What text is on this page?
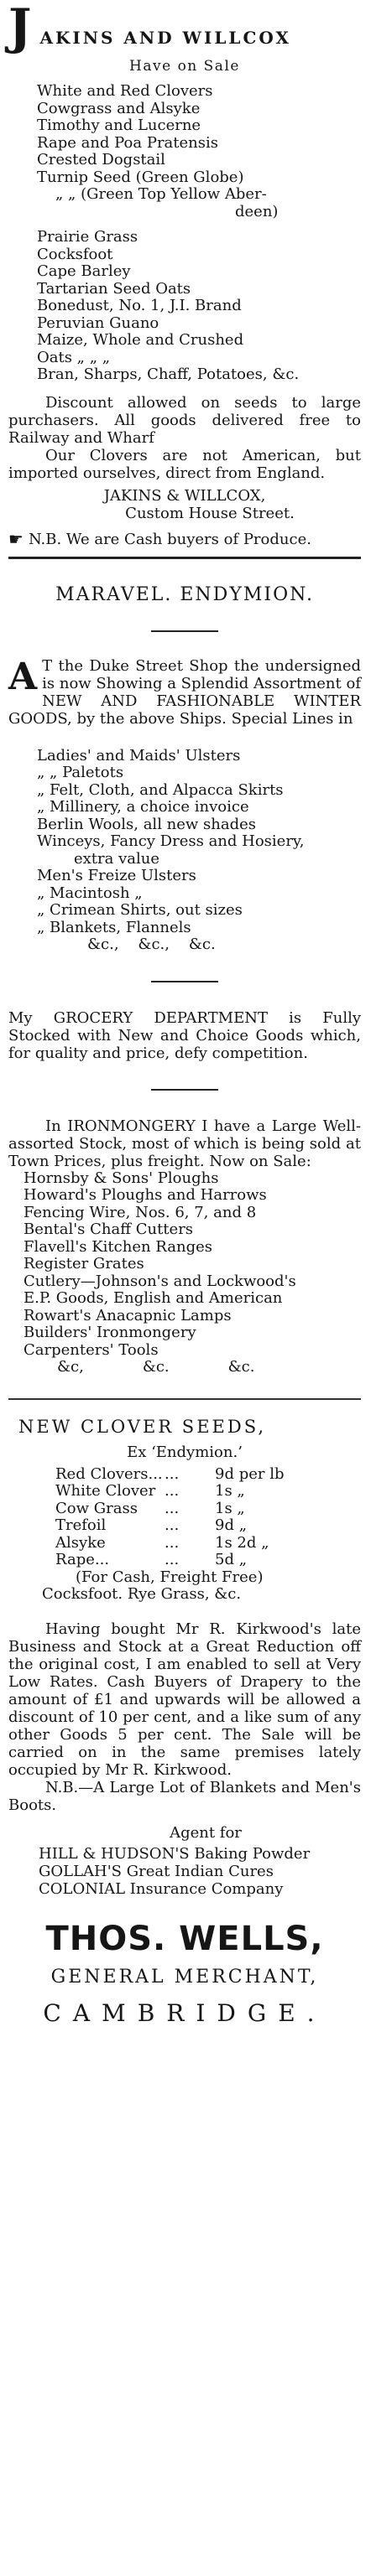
J AKINS AND WILLCOX
Have on Sale
White and Red Clovers
Cowgrass and Alsyke
Timothy and Lucerne
Rape and Poa Pratensis
Crested Dogstail
Turnip Seed (Green Globe)
„ „ (Green Top Yellow Aber-
deen)
Prairie Grass
Cocksfoot
Cape Barley
Tartarian Seed Oats
Bonedust, No. 1, J.I. Brand
Peruvian Guano
Maize, Whole and Crushed
Oats „ „ „
Bran, Sharps, Chaff, Potatoes, &c.

Discount allowed on seeds to large purchasers. All goods delivered free to Railway and Wharf

Our Clovers are not American, but imported ourselves, direct from England.

JAKINS & WILLCOX,
Custom House Street.
☛ N.B. We are Cash buyers of Produce.
MARAVEL. ENDYMION.
A T the Duke Street Shop the undersigned is now Showing a Splendid Assortment of NEW AND FASHIONABLE WINTER GOODS, by the above Ships. Special Lines in
Ladies' and Maids' Ulsters
„ „ Paletots
„ Felt, Cloth, and Alpacca Skirts
„ Millinery, a choice invoice
Berlin Wools, all new shades
Winceys, Fancy Dress and Hosiery,
extra value
Men's Freize Ulsters
„ Macintosh „
„ Crimean Shirts, out sizes
„ Blankets, Flannels
&c.,    &c.,    &c.

My GROCERY DEPARTMENT is Fully Stocked with New and Choice Goods which, for quality and price, defy competition.

In IRONMONGERY I have a Large Well-assorted Stock, most of which is being sold at Town Prices, plus freight. Now on Sale:

Hornsby & Sons' Ploughs
Howard's Ploughs and Harrows
Fencing Wire, Nos. 6, 7, and 8
Bental's Chaff Cutters
Flavell's Kitchen Ranges
Register Grates
Cutlery—Johnson's and Lockwood's
E.P. Goods, English and American
Rowart's Anacapnic Lamps
Builders' Ironmongery
Carpenters' Tools
&c,	&c.	&c.
NEW CLOVER SEEDS,
Ex ‘Endymion.’
Red Clovers... ...	9d per lb
White Clover ...	1s „
Cow Grass	...	1s „
Trefoil	...	9d „
Alsyke	...	1s 2d „
Rape...	...	5d „
(For Cash, Freight Free)
Cocksfoot. Rye Grass, &c.

Having bought Mr R. Kirkwood's late Business and Stock at a Great Reduction off the original cost, I am enabled to sell at Very Low Rates. Cash Buyers of Drapery to the amount of £1 and upwards will be allowed a discount of 10 per cent, and a like sum of any other Goods 5 per cent. The Sale will be carried on in the same premises lately occupied by Mr R. Kirkwood.

N.B.—A Large Lot of Blankets and Men's Boots.

Agent for
HILL & HUDSON'S Baking Powder
GOLLAH'S Great Indian Cures
COLONIAL Insurance Company
THOS. WELLS,
GENERAL MERCHANT,
CAMBRIDGE.
